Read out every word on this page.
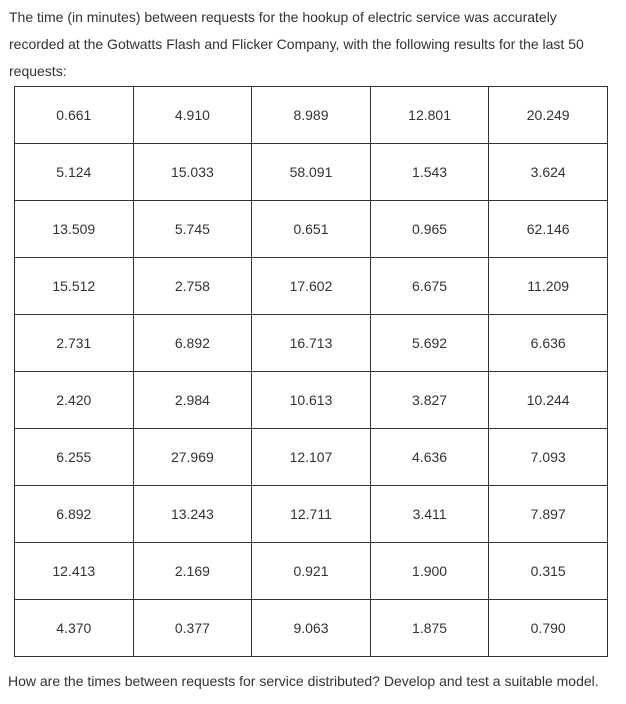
The time (in minutes) between requests for the hookup of electric service was accurately recorded at the Gotwatts Flash and Flicker Company, with the following results for the last 50 requests:

0.661	4.910	8.989	12.801	20.249
5.124	15.033	58.091	1.543	3.624
13.509	5.745	0.651	0.965	62.146
15.512	2.758	17.602	6.675	11.209
2.731	6.892	16.713	5.692	6.636
2.420	2.984	10.613	3.827	10.244
6.255	27.969	12.107	4.636	7.093
6.892	13.243	12.711	3.411	7.897
12.413	2.169	0.921	1.900	0.315
4.370	0.377	9.063	1.875	0.790

How are the times between requests for service distributed? Develop and test a suitable model.
